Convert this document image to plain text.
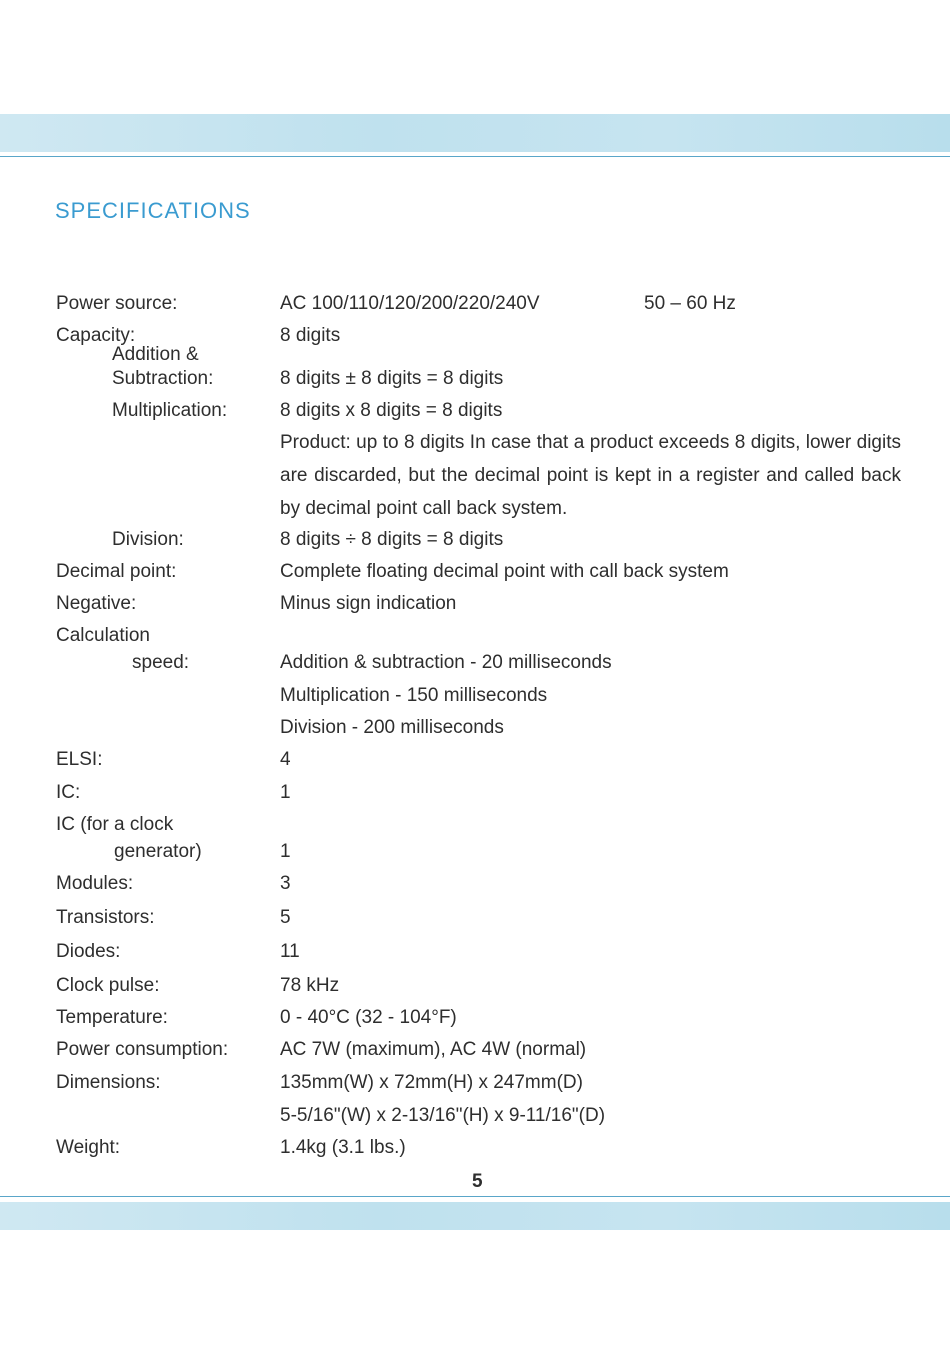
SPECIFICATIONS
Power source:	AC 100/110/120/200/220/240V	50 – 60 Hz
Capacity:	8 digits
Addition &
Subtraction:	8 digits ± 8 digits = 8 digits
Multiplication:	8 digits x 8 digits = 8 digits
Product: up to 8 digits In case that a product exceeds 8 digits, lower digits are discarded, but the decimal point is kept in a register and called back by decimal point call back system.
Division:	8 digits ÷ 8 digits = 8 digits
Decimal point:	Complete floating decimal point with call back system
Negative:	Minus sign indication
Calculation
speed:	Addition & subtraction - 20 milliseconds
Multiplication - 150 milliseconds
Division - 200 milliseconds
ELSI:	4
IC:	1
IC (for a clock
generator)	1
Modules:	3
Transistors:	5
Diodes:	11
Clock pulse:	78 kHz
Temperature:	0 - 40°C (32 - 104°F)
Power consumption:	AC 7W (maximum), AC 4W (normal)
Dimensions:	135mm(W) x 72mm(H) x 247mm(D)
5-5/16"(W) x 2-13/16"(H) x 9-11/16"(D)
Weight:	1.4kg (3.1 lbs.)
5
